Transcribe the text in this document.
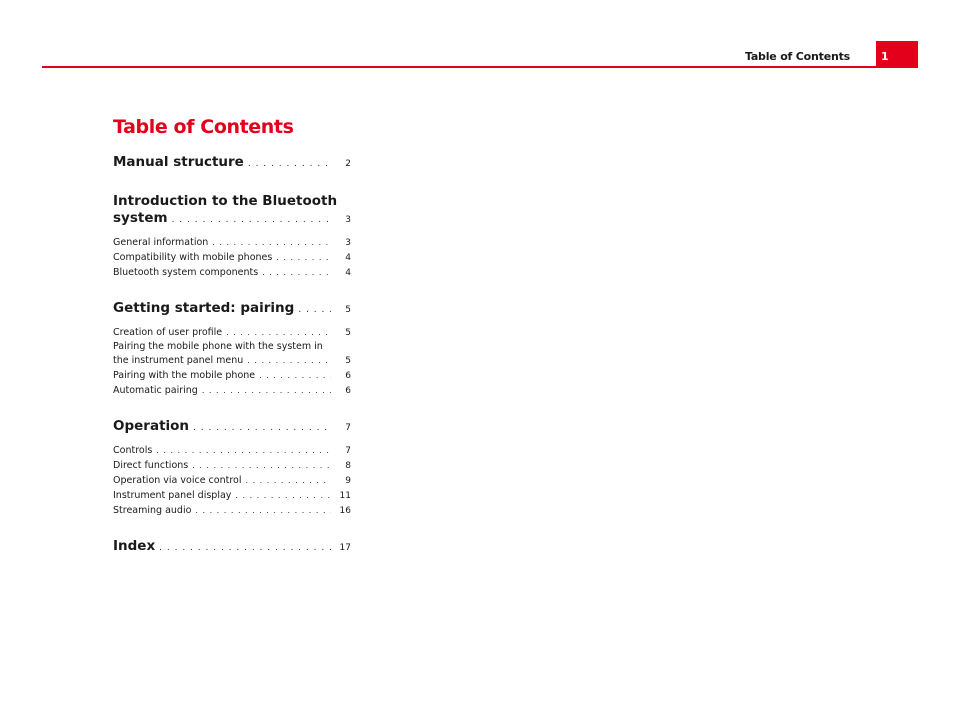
Table of Contents	1
Table of Contents
Manual structure . . .	2
Introduction to the Bluetooth
system . . .	3
General information . . .	3
Compatibility with mobile phones . . .	4
Bluetooth system components . . .	4
Getting started: pairing . . .	5
Creation of user profile . . .	5
Pairing the mobile phone with the system in
the instrument panel menu . . .	5
Pairing with the mobile phone . . .	6
Automatic pairing . . .	6
Operation . . .	7
Controls . . .	7
Direct functions . . .	8
Operation via voice control . . .	9
Instrument panel display . . .	11
Streaming audio . . .	16
Index . . .	17
